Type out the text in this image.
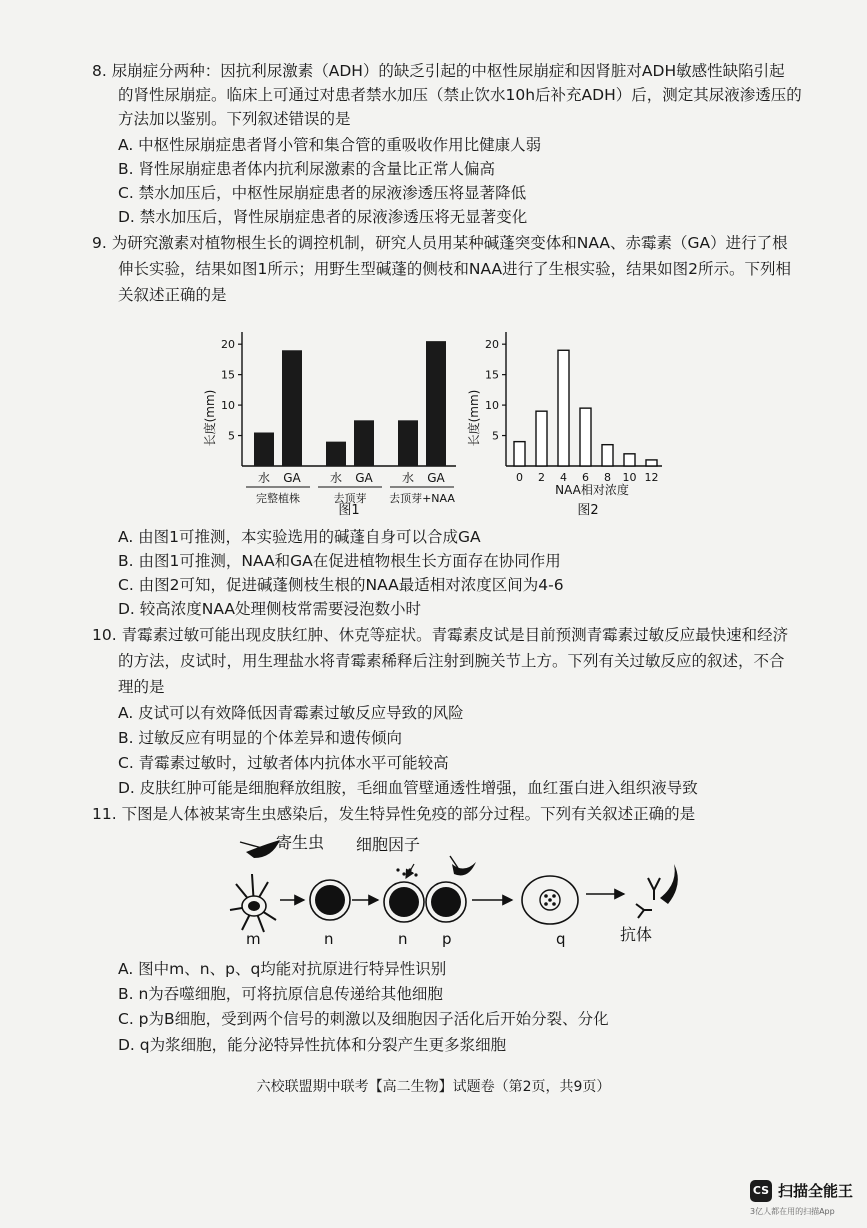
8. 尿崩症分两种：因抗利尿激素（ADH）的缺乏引起的中枢性尿崩症和因肾脏对ADH敏感性缺陷引起
的肾性尿崩症。临床上可通过对患者禁水加压（禁止饮水10h后补充ADH）后，测定其尿液渗透压的
方法加以鉴别。下列叙述错误的是
A. 中枢性尿崩症患者肾小管和集合管的重吸收作用比健康人弱
B. 肾性尿崩症患者体内抗利尿激素的含量比正常人偏高
C. 禁水加压后，中枢性尿崩症患者的尿液渗透压将显著降低
D. 禁水加压后，肾性尿崩症患者的尿液渗透压将无显著变化
9. 为研究激素对植物根生长的调控机制，研究人员用某种碱蓬突变体和NAA、赤霉素（GA）进行了根
伸长实验，结果如图1所示；用野生型碱蓬的侧枝和NAA进行了生根实验，结果如图2所示。下列相
关叙述正确的是
长度(mm) 5
10
15
20
水 GA 水 GA 水 GA
完整植株	去顶芽 去顶芽+NAA
图1
长度(mm) 5
10
15
20
0 2 4 6 8 10 12
NAA相对浓度
图2
A. 由图1可推测，本实验选用的碱蓬自身可以合成GA
B. 由图1可推测，NAA和GA在促进植物根生长方面存在协同作用
C. 由图2可知，促进碱蓬侧枝生根的NAA最适相对浓度区间为4-6
D. 较高浓度NAA处理侧枝常需要浸泡数小时
10. 青霉素过敏可能出现皮肤红肿、休克等症状。青霉素皮试是目前预测青霉素过敏反应最快速和经济
的方法，皮试时，用生理盐水将青霉素稀释后注射到腕关节上方。下列有关过敏反应的叙述，不合
理的是
A. 皮试可以有效降低因青霉素过敏反应导致的风险
B. 过敏反应有明显的个体差异和遗传倾向
C. 青霉素过敏时，过敏者体内抗体水平可能较高
D. 皮肤红肿可能是细胞释放组胺，毛细血管壁通透性增强，血红蛋白进入组织液导致
11. 下图是人体被某寄生虫感染后，发生特异性免疫的部分过程。下列有关叙述正确的是
寄生虫
m	n
细胞因子
n p	q	抗体
A. 图中m、n、p、q均能对抗原进行特异性识别
B. n为吞噬细胞，可将抗原信息传递给其他细胞
C. p为B细胞，受到两个信号的刺激以及细胞因子活化后开始分裂、分化
D. q为浆细胞，能分泌特异性抗体和分裂产生更多浆细胞
六校联盟期中联考【高二生物】试题卷（第2页，共9页）
CS 扫描全能王
3亿人都在用的扫描App
